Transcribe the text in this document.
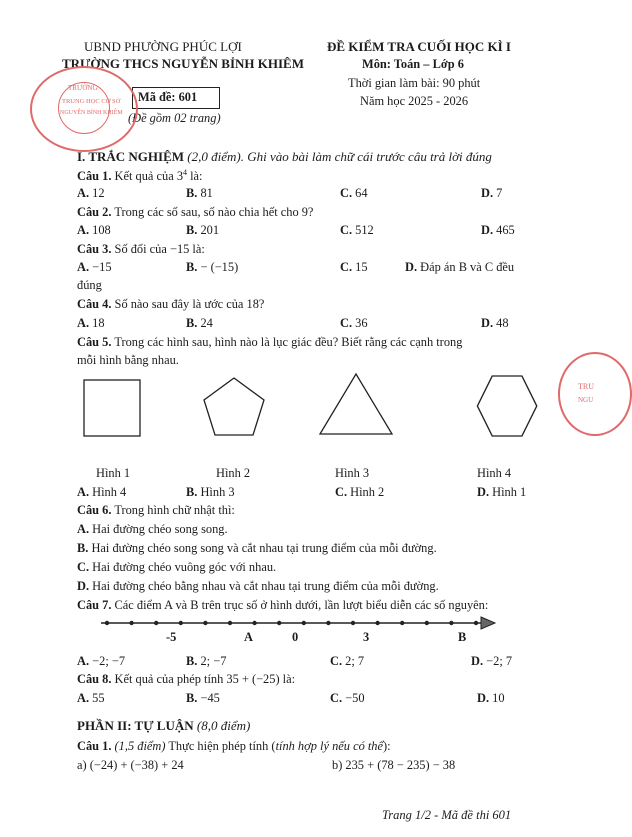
UBND PHƯỜNG PHÚC LỢI
TRƯỜNG THCS NGUYỄN BỈNH KHIÊM
Mã đề: 601
(Đề gồm 02 trang)
ĐỀ KIỂM TRA CUỐI HỌC KÌ I
Môn: Toán – Lớp 6
Thời gian làm bài: 90 phút
Năm học 2025 - 2026
TRƯỜNG
TRUNG HỌC CƠ SỞ
NGUYỄN BỈNH KHIÊM
TRU
NGU
I. TRẮC NGHIỆM (2,0 điểm). Ghi vào bài làm chữ cái trước câu trả lời đúng
Câu 1. Kết quả của $3^4$ là:
A. 12	B. 81	C. 64	D. 7
Câu 2. Trong các số sau, số nào chia hết cho 9?
A. 108	B. 201	C. 512	D. 465
Câu 3. Số đối của −15 là:
A. −15	B. − (−15)	C. 15	D. Đáp án B và C đều
đúng
Câu 4. Số nào sau đây là ước của 18?
A. 18	B. 24	C. 36	D. 48
Câu 5. Trong các hình sau, hình nào là lục giác đều? Biết rằng các cạnh trong
mỗi hình bằng nhau.
Hình 1	Hình 2	Hình 3	Hình 4
A. Hình 4	B. Hình 3	C. Hình 2	D. Hình 1
Câu 6. Trong hình chữ nhật thì:
A. Hai đường chéo song song.
B. Hai đường chéo song song và cắt nhau tại trung điểm của mỗi đường.
C. Hai đường chéo vuông góc với nhau.
D. Hai đường chéo bằng nhau và cắt nhau tại trung điểm của mỗi đường.
Câu 7. Các điểm A và B trên trục số ở hình dưới, lần lượt biểu diễn các số nguyên:
-5	A	0	3	B
A. −2; −7	B. 2; −7	C. 2; 7	D. −2; 7
Câu 8. Kết quả của phép tính 35 + (−25) là:
A. 55	B. −45	C. −50	D. 10
PHẦN II: TỰ LUẬN (8,0 điểm)
Câu 1. (1,5 điểm) Thực hiện phép tính (tính hợp lý nếu có thể):
a) (−24) + (−38) + 24	b) 235 + (78 − 235) − 38
Trang 1/2 - Mã đề thi 601
